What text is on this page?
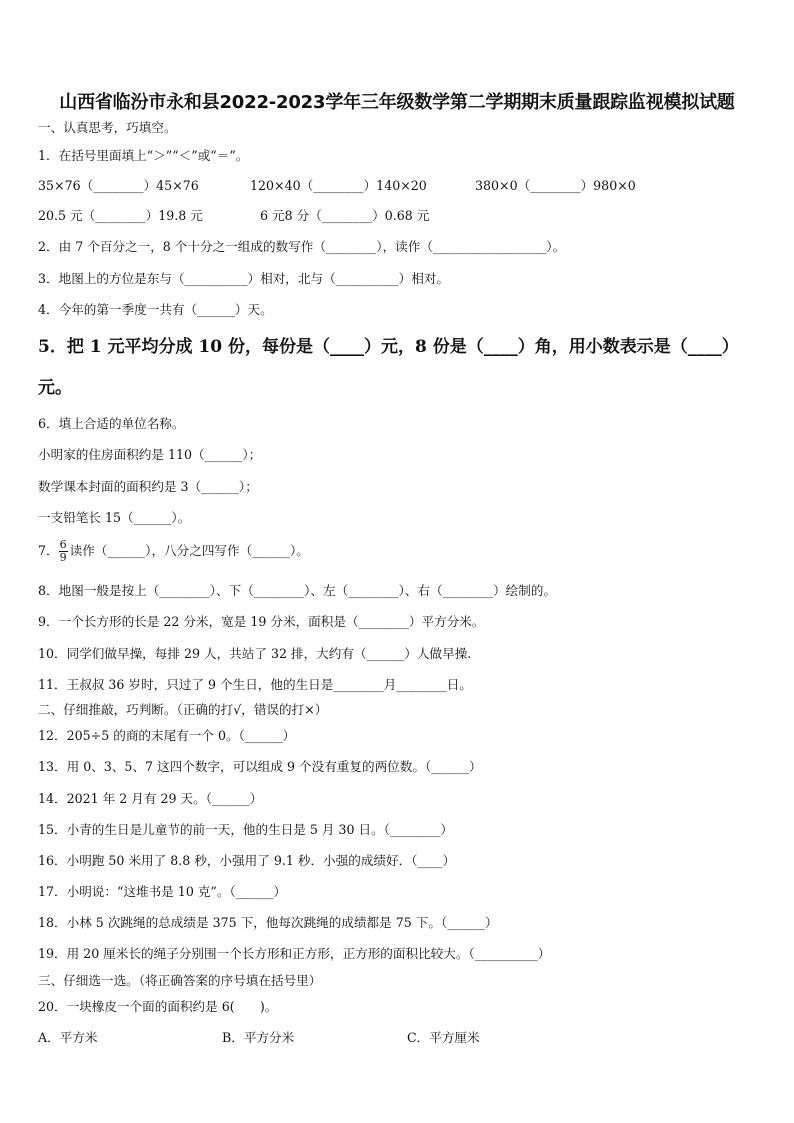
山西省临汾市永和县2022-2023学年三年级数学第二学期期末质量跟踪监视模拟试题
一、认真思考，巧填空。
1．在括号里面填上“＞”“＜”或“＝”。
35×76（________）45×76	120×40（________）140×20	380×0（________）980×0
20.5 元（________）19.8 元	6 元8 分（________）0.68 元
2．由 7 个百分之一，8 个十分之一组成的数写作（________），读作（__________________）。
3．地图上的方位是东与（__________）相对，北与（__________）相对。
4．今年的第一季度一共有（______）天。
5．把 1 元平均分成 10 份，每份是（____）元，8 份是（____）角，用小数表示是（____）
元。
6．填上合适的单位名称。
小明家的住房面积约是 110（______）；
数学课本封面的面积约是 3（______）；
一支铅笔长 15（______）。
7． $\frac{6}{9}$ 读作（______），八分之四写作（______）。
8．地图一般是按上（________）、下（________）、左（________）、右（________）绘制的。
9．一个长方形的长是 22 分米，宽是 19 分米，面积是（________）平方分米。
10．同学们做早操，每排 29 人，共站了 32 排，大约有（______）人做早操.
11．王叔叔 36 岁时，只过了 9 个生日，他的生日是________月________日。
二、仔细推敲，巧判断。（正确的打√，错误的打×）
12．205÷5 的商的末尾有一个 0。（______）
13．用 0、3、5、7 这四个数字，可以组成 9 个没有重复的两位数。（______）
14．2021 年 2 月有 29 天。（______）
15．小青的生日是儿童节的前一天，他的生日是 5 月 30 日。（________）
16．小明跑 50 米用了 8.8 秒，小强用了 9.1 秒．小强的成绩好．（____）
17．小明说：“这堆书是 10 克”。（______）
18．小林 5 次跳绳的总成绩是 375 下，他每次跳绳的成绩都是 75 下。（______）
19．用 20 厘米长的绳子分别围一个长方形和正方形，正方形的面积比较大。（__________）
三、仔细选一选。（将正确答案的序号填在括号里）
20．一块橡皮一个面的面积约是 6(　　)。
A．平方米	B．平方分米	C．平方厘米
